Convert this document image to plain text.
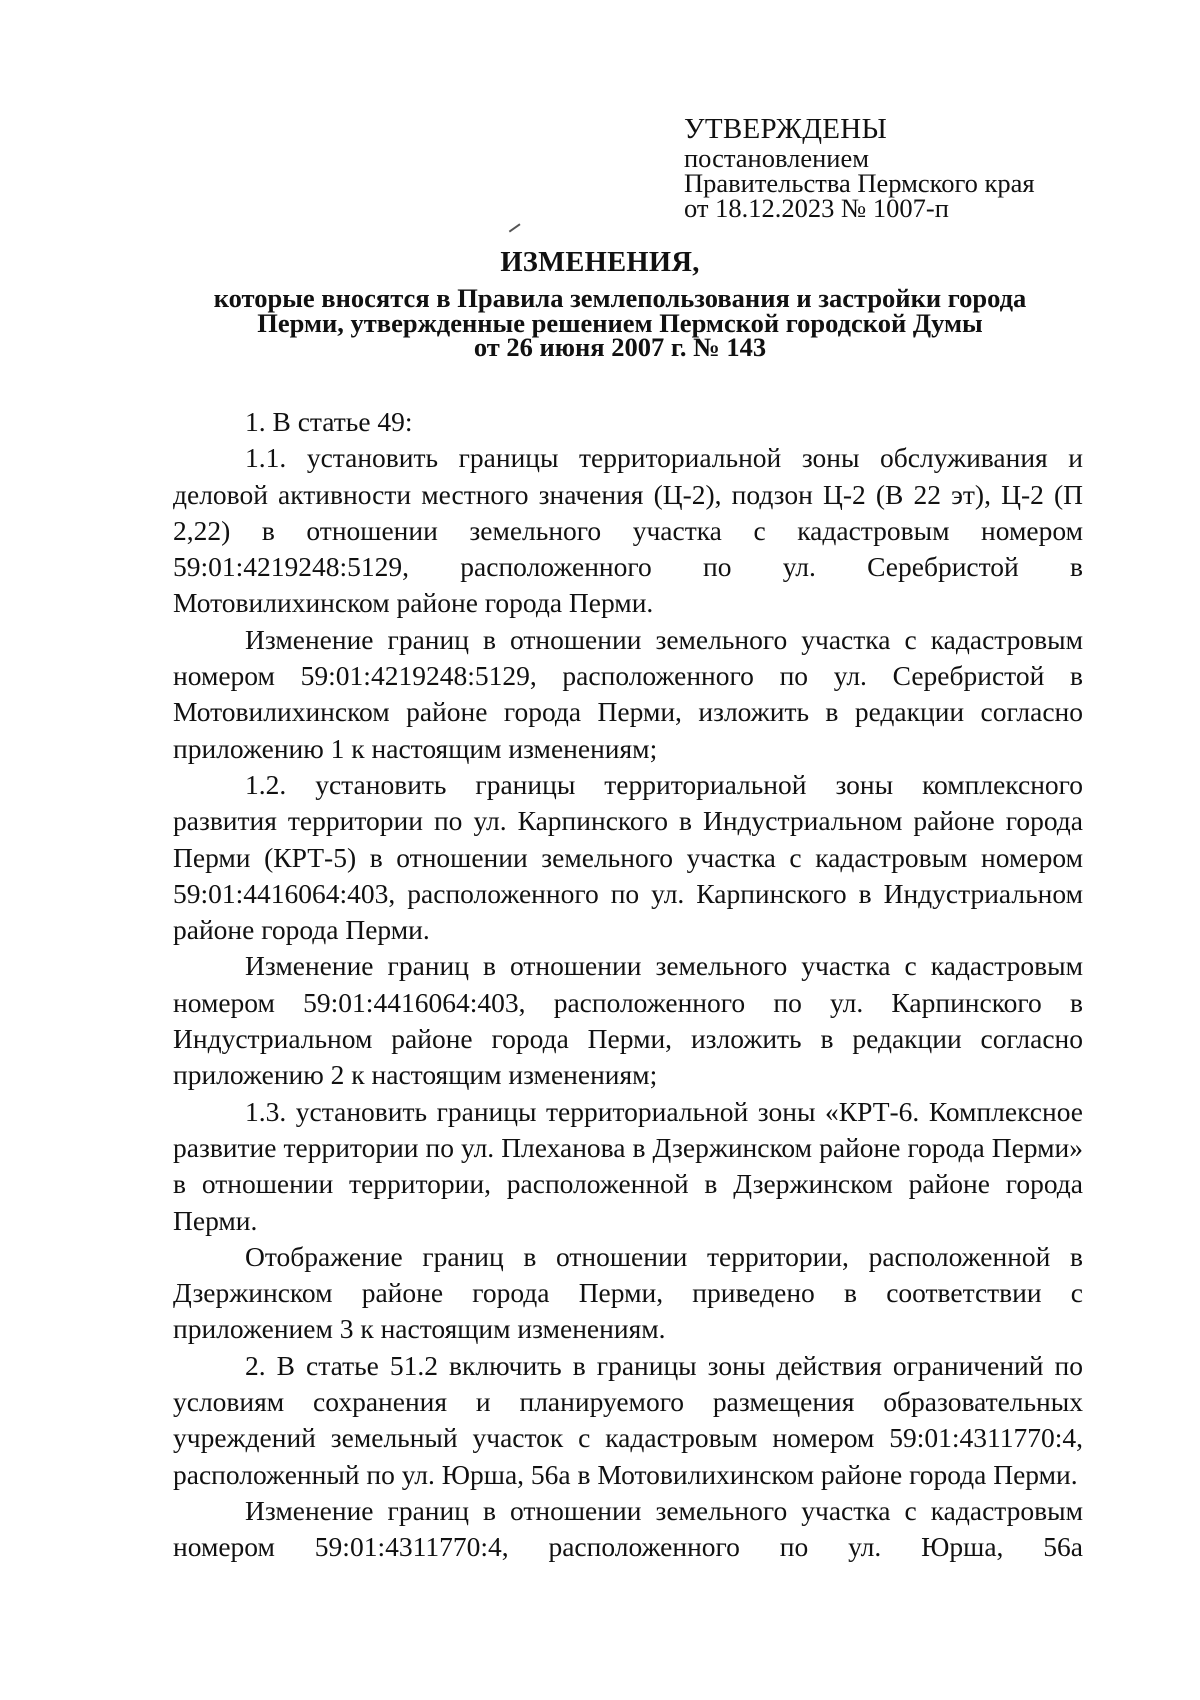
УТВЕРЖДЕНЫ
постановлением
Правительства Пермского края
от 18.12.2023 № 1007-п
ИЗМЕНЕНИЯ,
которые вносятся в Правила землепользования и застройки города
Перми, утвержденные решением Пермской городской Думы
от 26 июня 2007 г. № 143

1. В статье 49:

1.1. установить границы территориальной зоны обслуживания и деловой активности местного значения (Ц-2), подзон Ц-2 (В 22 эт), Ц-2 (П 2,22) в отношении земельного участка с кадастровым номером 59:01:4219248:5129, расположенного по ул. Серебристой в Мотовилихинском районе города Перми.

Изменение границ в отношении земельного участка с кадастровым номером 59:01:4219248:5129, расположенного по ул. Серебристой в Мотовилихинском районе города Перми, изложить в редакции согласно приложению 1 к настоящим изменениям;

1.2. установить границы территориальной зоны комплексного развития территории по ул. Карпинского в Индустриальном районе города Перми (КРТ-5) в отношении земельного участка с кадастровым номером 59:01:4416064:403, расположенного по ул. Карпинского в Индустриальном районе города Перми.

Изменение границ в отношении земельного участка с кадастровым номером 59:01:4416064:403, расположенного по ул. Карпинского в Индустриальном районе города Перми, изложить в редакции согласно приложению 2 к настоящим изменениям;

1.3. установить границы территориальной зоны «КРТ-6. Комплексное развитие территории по ул. Плеханова в Дзержинском районе города Перми» в отношении территории, расположенной в Дзержинском районе города Перми.

Отображение границ в отношении территории, расположенной в Дзержинском районе города Перми, приведено в соответствии с приложением 3 к настоящим изменениям.

2. В статье 51.2 включить в границы зоны действия ограничений по условиям сохранения и планируемого размещения образовательных учреждений земельный участок с кадастровым номером 59:01:4311770:4, расположенный по ул. Юрша, 56а в Мотовилихинском районе города Перми.

Изменение границ в отношении земельного участка с кадастровым номером 59:01:4311770:4, расположенного по ул. Юрша, 56а
